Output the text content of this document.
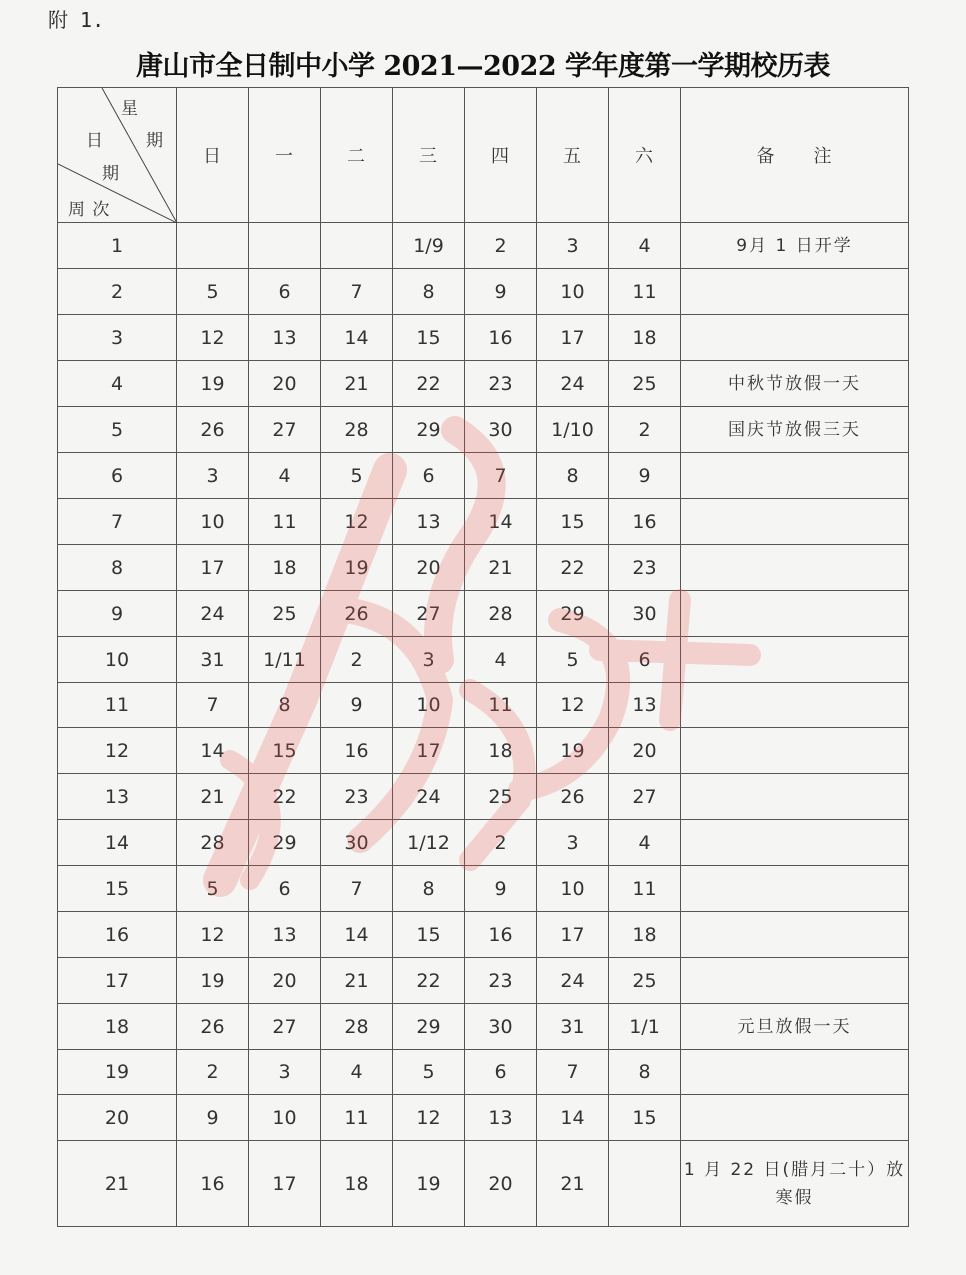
附 1.
唐山市全日制中小学 2021—2022 学年度第一学期校历表
星
期
日
期
周 次	日	一	二	三	四	五	六	备　　注
1				1/9	2	3	4	9月 1 日开学
2	5	6	7	8	9	10	11	
3	12	13	14	15	16	17	18	
4	19	20	21	22	23	24	25	中秋节放假一天
5	26	27	28	29	30	1/10	2	国庆节放假三天
6	3	4	5	6	7	8	9	
7	10	11	12	13	14	15	16	
8	17	18	19	20	21	22	23	
9	24	25	26	27	28	29	30	
10	31	1/11	2	3	4	5	6	
11	7	8	9	10	11	12	13	
12	14	15	16	17	18	19	20	
13	21	22	23	24	25	26	27	
14	28	29	30	1/12	2	3	4	
15	5	6	7	8	9	10	11	
16	12	13	14	15	16	17	18	
17	19	20	21	22	23	24	25	
18	26	27	28	29	30	31	1/1	元旦放假一天
19	2	3	4	5	6	7	8	
20	9	10	11	12	13	14	15	
21	16	17	18	19	20	21		1 月 22 日(腊月二十）放寒假
